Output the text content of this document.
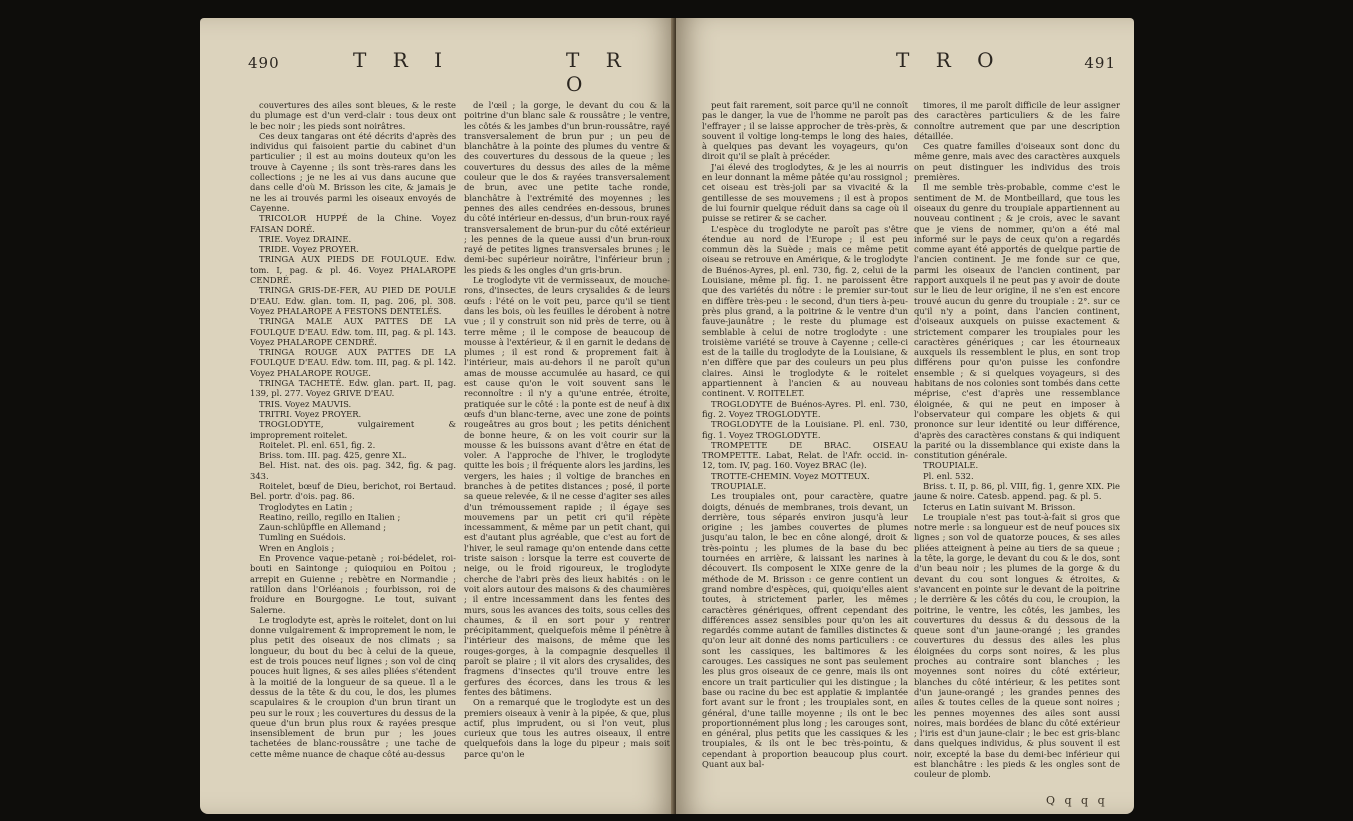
490	T R I	T R O

couvertures des ailes sont bleues, & le reste du plumage est d'un verd-clair : tous deux ont le bec noir ; les pieds sont noirâtres.

Ces deux tangaras ont été décrits d'après des individus qui faisoient partie du cabinet d'un particulier ; il est au moins douteux qu'on les trouve à Cayenne ; ils sont très-rares dans les collections ; je ne les ai vus dans aucune que dans celle d'où M. Brisson les cite, & jamais je ne les ai trouvés parmi les oiseaux envoyés de Cayenne.

TRICOLOR HUPPÉ de la Chine. Voyez FAISAN DORÉ.

TRIE. Voyez DRAINE.

TRIDE. Voyez PROYER.

TRINGA AUX PIEDS DE FOULQUE. Edw. tom. I, pag. & pl. 46. Voyez PHALAROPE CENDRÉ.

TRINGA GRIS-DE-FER, AU PIED DE POULE D'EAU. Edw. glan. tom. II, pag. 206, pl. 308. Voyez PHALAROPE A FESTONS DENTELÉS.

TRINGA MALE AUX PATTES DE LA FOULQUE D'EAU. Edw. tom. III, pag. & pl. 143. Voyez PHALAROPE CENDRÉ.

TRINGA ROUGE AUX PATTES DE LA FOULQUE D'EAU. Edw. tom. III, pag. & pl. 142. Voyez PHALAROPE ROUGE.

TRINGA TACHETÉ. Edw. glan. part. II, pag. 139, pl. 277. Voyez GRIVE D'EAU.

TRIS. Voyez MAUVIS.

TRITRI. Voyez PROYER.

TROGLODYTE, vulgairement & improprement roitelet.

Roitelet. Pl. enl. 651, fig. 2.

Briss. tom. III. pag. 425, genre XL.

Bel. Hist. nat. des ois. pag. 342, fig. & pag. 343.

Roitelet, bœuf de Dieu, berichot, roi Bertaud. Bel. portr. d'ois. pag. 86.

Troglodytes en Latin ;

Reatino, reillo, regillo en Italien ;

Zaun-schlüpffle en Allemand ;

Tumling en Suédois.

Wren en Anglois ;

En Provence vaque-petanè ; roi-bédelet, roi-bouti en Saintonge ; quioquiou en Poitou ; arrepit en Guienne ; rebètre en Normandie ; ratillon dans l'Orléanois ; fourbisson, roi de froidure en Bourgogne. Le tout, suivant Salerne.

Le troglodyte est, après le roitelet, dont on lui donne vulgairement & improprement le nom, le plus petit des oiseaux de nos climats ; sa longueur, du bout du bec à celui de la queue, est de trois pouces neuf lignes ; son vol de cinq pouces huit lignes, & ses ailes pliées s'étendent à la moitié de la longueur de sa queue. Il a le dessus de la tête & du cou, le dos, les plumes scapulaires & le croupion d'un brun tirant un peu sur le roux ; les couvertures du dessus de la queue d'un brun plus roux & rayées presque insensiblement de brun pur ; les joues tachetées de blanc-roussâtre ; une tache de cette même nuance de chaque côté au-dessus

de l'œil ; la gorge, le devant du cou & la poitrine d'un blanc sale & roussâtre ; le ventre, les côtés & les jambes d'un brun-roussâtre, rayé transversalement de brun pur ; un peu de blanchâtre à la pointe des plumes du ventre & des couvertures du dessous de la queue ; les couvertures du dessus des ailes de la même couleur que le dos & rayées transversalement de brun, avec une petite tache ronde, blanchâtre à l'extrémité des moyennes ; les pennes des ailes cendrées en-dessous, brunes du côté intérieur en-dessus, d'un brun-roux rayé transversalement de brun-pur du côté extérieur ; les pennes de la queue aussi d'un brun-roux rayé de petites lignes transversales brunes ; le demi-bec supérieur noirâtre, l'inférieur brun ; les pieds & les ongles d'un gris-brun.

Le troglodyte vit de vermisseaux, de mouche-rons, d'insectes, de leurs crysalides & de leurs œufs : l'été on le voit peu, parce qu'il se tient dans les bois, où les feuilles le dérobent à notre vue ; il y construit son nid près de terre, ou à terre même ; il le compose de beaucoup de mousse à l'extérieur, & il en garnit le dedans de plumes ; il est rond & proprement fait à l'intérieur, mais au-dehors il ne paroît qu'un amas de mousse accumulée au hasard, ce qui est cause qu'on le voit souvent sans le reconnoître : il n'y a qu'une entrée, étroite, pratiquée sur le côté : la ponte est de neuf à dix œufs d'un blanc-terne, avec une zone de points rougeâtres au gros bout ; les petits dénichent de bonne heure, & on les voit courir sur la mousse & les buissons avant d'être en état de voler. A l'approche de l'hiver, le troglodyte quitte les bois ; il fréquente alors les jardins, les vergers, les haies ; il voltige de branches en branches à de petites distances ; posé, il porte sa queue relevée, & il ne cesse d'agiter ses ailes d'un trémoussement rapide ; il égaye ses mouvemens par un petit cri qu'il répète incessamment, & même par un petit chant, qui est d'autant plus agréable, que c'est au fort de l'hiver, le seul ramage qu'on entende dans cette triste saison : lorsque la terre est couverte de neige, ou le froid rigoureux, le troglodyte cherche de l'abri près des lieux habités : on le voit alors autour des maisons & des chaumières ; il entre incessamment dans les fentes des murs, sous les avances des toits, sous celles des chaumes, & il en sort pour y rentrer précipitamment, quelquefois même il pénètre à l'intérieur des maisons, de même que les rouges-gorges, à la compagnie desquelles il paroît se plaire ; il vit alors des crysalides, des fragmens d'insectes qu'il trouve entre les gerfures des écorces, dans les trous & les fentes des bâtimens.

On a remarqué que le troglodyte est un des premiers oiseaux à venir à la pipée, & que, plus actif, plus imprudent, ou si l'on veut, plus curieux que tous les autres oiseaux, il entre quelquefois dans la loge du pipeur ; mais soit parce qu'on le

T R O	491

peut fait rarement, soit parce qu'il ne connoît pas le danger, la vue de l'homme ne paroît pas l'effrayer ; il se laisse approcher de très-près, & souvent il voltige long-temps le long des haies, à quelques pas devant les voyageurs, qu'on diroit qu'il se plaît à précéder.

J'ai élevé des troglodytes, & je les ai nourris en leur donnant la même pâtée qu'au rossignol ; cet oiseau est très-joli par sa vivacité & la gentillesse de ses mouvemens ; il est à propos de lui fournir quelque réduit dans sa cage où il puisse se retirer & se cacher.

L'espèce du troglodyte ne paroît pas s'être étendue au nord de l'Europe ; il est peu commun dès la Suède ; mais ce même petit oiseau se retrouve en Amérique, & le troglodyte de Buénos-Ayres, pl. enl. 730, fig. 2, celui de la Louisiane, même pl. fig. 1. ne paroissent être que des variétés du nôtre : le premier sur-tout en diffère très-peu : le second, d'un tiers à-peu-près plus grand, a la poitrine & le ventre d'un fauve-jaunâtre ; le reste du plumage est semblable à celui de notre troglodyte : une troisième variété se trouve à Cayenne ; celle-ci est de la taille du troglodyte de la Louisiane, & n'en diffère que par des couleurs un peu plus claires. Ainsi le troglodyte & le roitelet appartiennent à l'ancien & au nouveau continent. V. ROITELET.

TROGLODYTE de Buénos-Ayres. Pl. enl. 730, fig. 2. Voyez TROGLODYTE.

TROGLODYTE de la Louisiane. Pl. enl. 730, fig. 1. Voyez TROGLODYTE.

TROMPETTE DE BRAC. OISEAU TROMPETTE. Labat, Relat. de l'Afr. occid. in-12, tom. IV, pag. 160. Voyez BRAC (le).

TROTTE-CHEMIN. Voyez MOTTEUX.

TROUPIALE.

Les troupiales ont, pour caractère, quatre doigts, dénués de membranes, trois devant, un derrière, tous séparés environ jusqu'à leur origine ; les jambes couvertes de plumes jusqu'au talon, le bec en cône alongé, droit & très-pointu ; les plumes de la base du bec tournées en arrière, & laissant les narines à découvert. Ils composent le XIXe genre de la méthode de M. Brisson : ce genre contient un grand nombre d'espèces, qui, quoiqu'elles aient toutes, à strictement parler, les mêmes caractères génériques, offrent cependant des différences assez sensibles pour qu'on les ait regardés comme autant de familles distinctes & qu'on leur ait donné des noms particuliers : ce sont les cassiques, les baltimores & les carouges. Les cassiques ne sont pas seulement les plus gros oiseaux de ce genre, mais ils ont encore un trait particulier qui les distingue ; la base ou racine du bec est applatie & implantée fort avant sur le front ; les troupiales sont, en général, d'une taille moyenne ; ils ont le bec proportionnément plus long ; les carouges sont, en général, plus petits que les cassiques & les troupiales, & ils ont le bec très-pointu, & cependant à proportion beaucoup plus court. Quant aux bal-

timores, il me paroît difficile de leur assigner des caractères particuliers & de les faire connoître autrement que par une description détaillée.

Ces quatre familles d'oiseaux sont donc du même genre, mais avec des caractères auxquels on peut distinguer les individus des trois premières.

Il me semble très-probable, comme c'est le sentiment de M. de Montbeillard, que tous les oiseaux du genre du troupiale appartiennent au nouveau continent ; & je crois, avec le savant que je viens de nommer, qu'on a été mal informé sur le pays de ceux qu'on a regardés comme ayant été apportés de quelque partie de l'ancien continent. Je me fonde sur ce que, parmi les oiseaux de l'ancien continent, par rapport auxquels il ne peut pas y avoir de doute sur le lieu de leur origine, il ne s'en est encore trouvé aucun du genre du troupiale : 2°. sur ce qu'il n'y a point, dans l'ancien continent, d'oiseaux auxquels on puisse exactement & strictement comparer les troupiales pour les caractères génériques ; car les étourneaux auxquels ils ressemblent le plus, en sont trop différens pour qu'on puisse les confondre ensemble ; & si quelques voyageurs, si des habitans de nos colonies sont tombés dans cette méprise, c'est d'après une ressemblance éloignée, & qui ne peut en imposer à l'observateur qui compare les objets & qui prononce sur leur identité ou leur différence, d'après des caractères constans & qui indiquent la parité ou la dissemblance qui existe dans la constitution générale.

TROUPIALE.

Pl. enl. 532.

Briss. t. II, p. 86, pl. VIII, fig. 1, genre XIX. Pie jaune & noire. Catesb. append. pag. & pl. 5.

Icterus en Latin suivant M. Brisson.

Le troupiale n'est pas tout-à-fait si gros que notre merle : sa longueur est de neuf pouces six lignes ; son vol de quatorze pouces, & ses ailes pliées atteignent à peine au tiers de sa queue ; la tête, la gorge, le devant du cou & le dos, sont d'un beau noir ; les plumes de la gorge & du devant du cou sont longues & étroites, & s'avancent en pointe sur le devant de la poitrine ; le derrière & les côtés du cou, le croupion, la poitrine, le ventre, les côtés, les jambes, les couvertures du dessus & du dessous de la queue sont d'un jaune-orangé ; les grandes couvertures du dessus des ailes les plus éloignées du corps sont noires, & les plus proches au contraire sont blanches ; les moyennes sont noires du côté extérieur, blanches du côté intérieur, & les petites sont d'un jaune-orangé ; les grandes pennes des ailes & toutes celles de la queue sont noires ; les pennes moyennes des ailes sont aussi noires, mais bordées de blanc du côté extérieur ; l'iris est d'un jaune-clair ; le bec est gris-blanc dans quelques individus, & plus souvent il est noir, excepté la base du demi-bec inférieur qui est blanchâtre : les pieds & les ongles sont de couleur de plomb.

Q q q q
